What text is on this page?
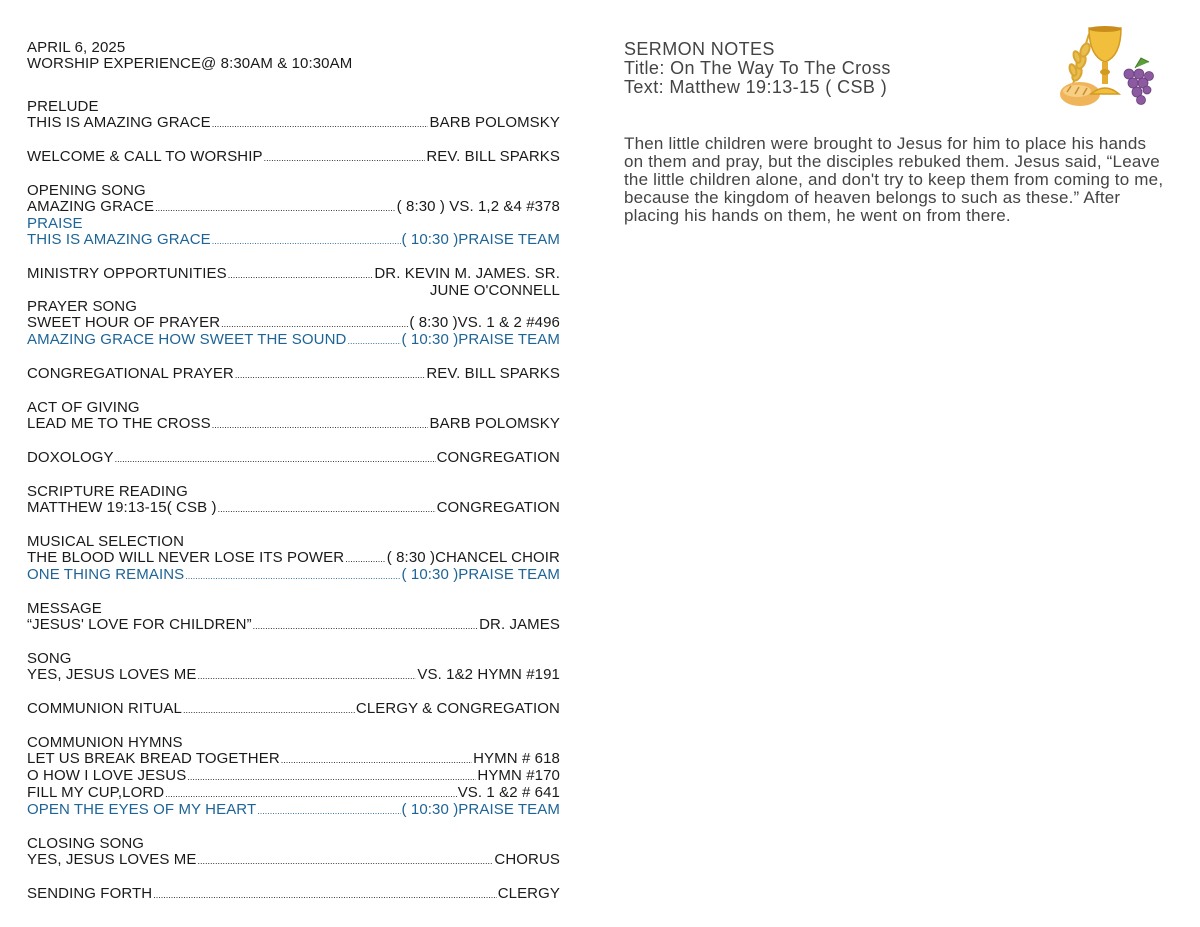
APRIL 6, 2025
WORSHIP EXPERIENCE@ 8:30AM & 10:30AM
PRELUDE
THIS IS AMAZING GRACE .....	BARB POLOMSKY
WELCOME & CALL TO WORSHIP .....	REV. BILL SPARKS
OPENING SONG
AMAZING GRACE .....	( 8:30 ) VS. 1,2 &4 #378
PRAISE
THIS IS AMAZING GRACE .....	( 10:30 )PRAISE TEAM
MINISTRY OPPORTUNITIES .....	DR. KEVIN M. JAMES. SR.
JUNE O'CONNELL
PRAYER SONG
SWEET HOUR OF PRAYER .....	( 8:30 )VS. 1 & 2 #496
AMAZING GRACE HOW SWEET THE SOUND .....	( 10:30 )PRAISE TEAM
CONGREGATIONAL PRAYER .....	REV. BILL SPARKS
ACT OF GIVING
LEAD ME TO THE CROSS .....	BARB POLOMSKY
DOXOLOGY .....	CONGREGATION
SCRIPTURE READING
MATTHEW 19:13-15( CSB ) .....	CONGREGATION
MUSICAL SELECTION
THE BLOOD WILL NEVER LOSE ITS POWER .....	( 8:30 )CHANCEL CHOIR
ONE THING REMAINS .....	( 10:30 )PRAISE TEAM
MESSAGE
“JESUS' LOVE FOR CHILDREN” .....	DR. JAMES
SONG
YES, JESUS LOVES ME .....	VS. 1&2 HYMN #191
COMMUNION RITUAL .....	CLERGY & CONGREGATION
COMMUNION HYMNS
LET US BREAK BREAD TOGETHER .....	HYMN # 618
O HOW I LOVE JESUS .....	HYMN #170
FILL MY CUP,LORD .....	VS. 1 &2 # 641
OPEN THE EYES OF MY HEART .....	( 10:30 )PRAISE TEAM
CLOSING SONG
YES, JESUS LOVES ME .....	CHORUS
SENDING FORTH .....	CLERGY
SERMON NOTES
Title: On The Way To The Cross
Text: Matthew 19:13-15 ( CSB )
Then little children were brought to Jesus for him to place his hands on them and pray, but the disciples rebuked them. Jesus said, “Leave the little children alone, and don't try to keep them from coming to me, because the kingdom of heaven belongs to such as these.” After placing his hands on them, he went on from there.
